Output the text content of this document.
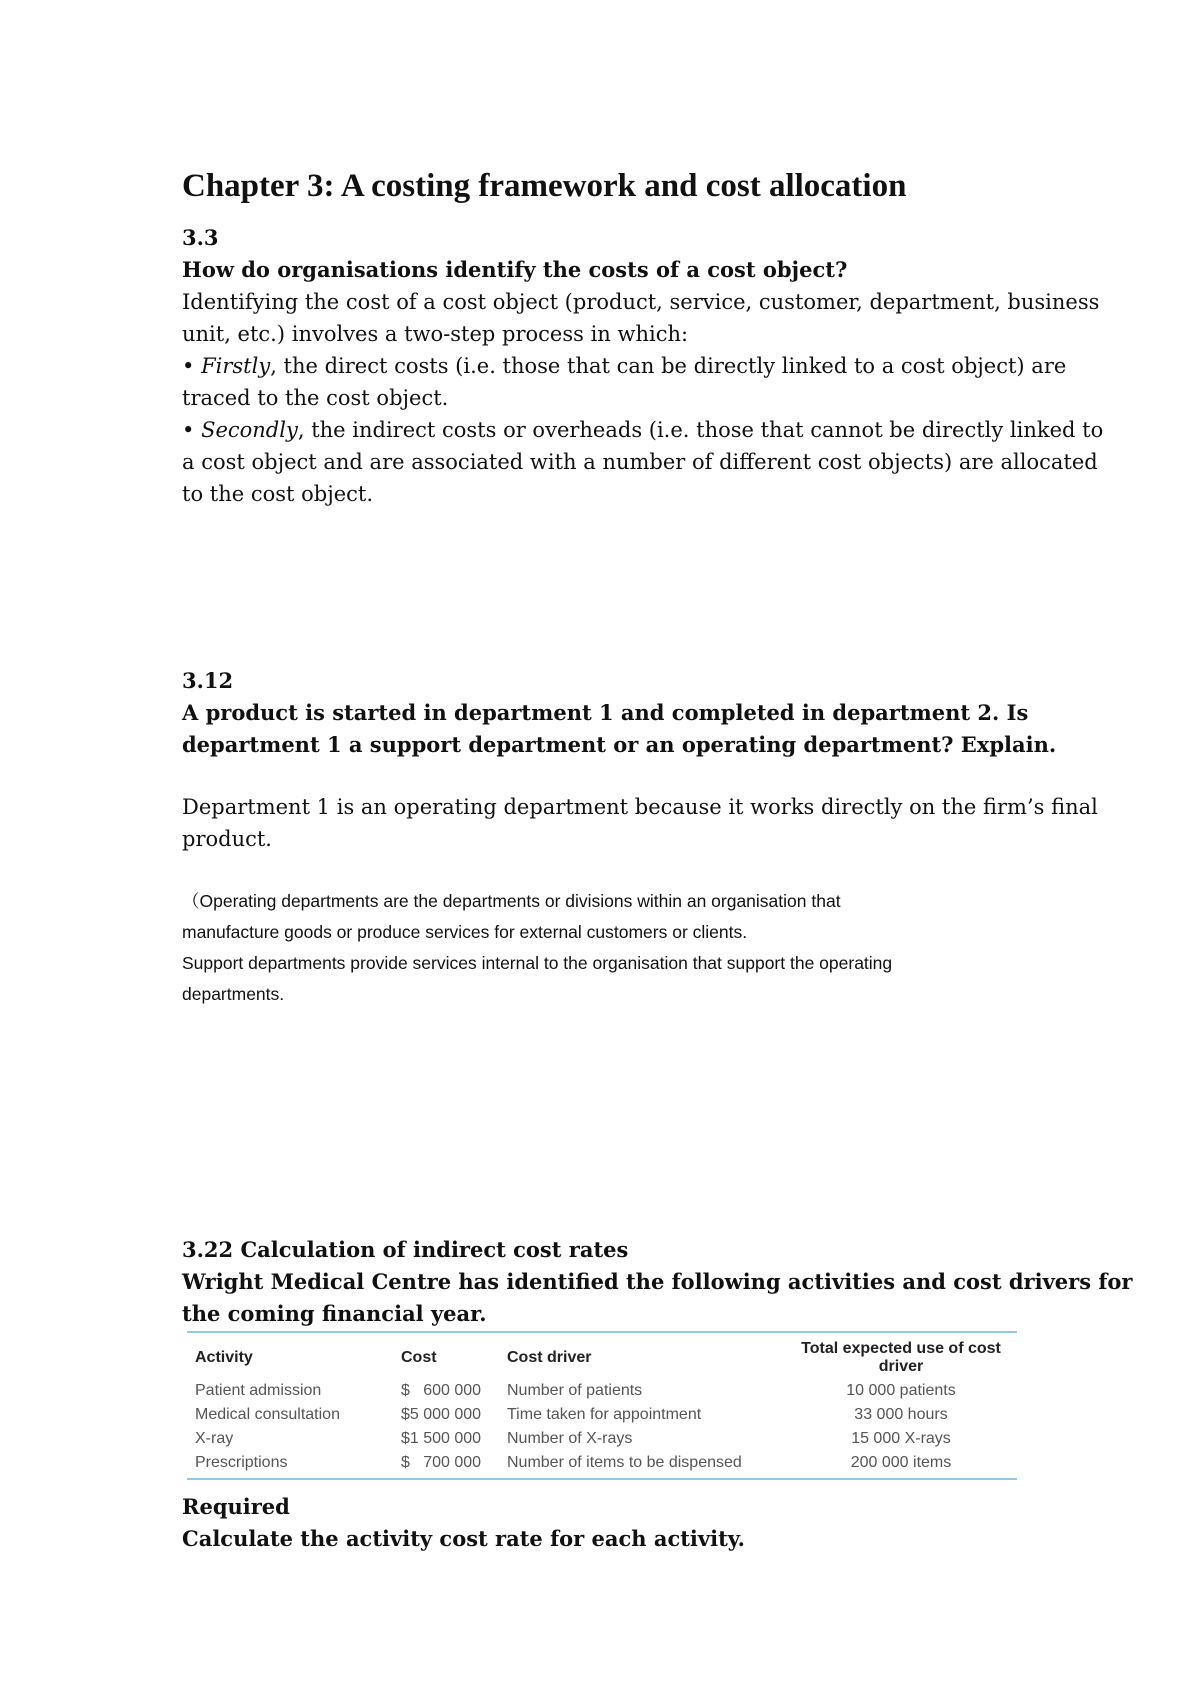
Chapter 3: A costing framework and cost allocation
3.3
How do organisations identify the costs of a cost object?
Identifying the cost of a cost object (product, service, customer, department, business
unit, etc.) involves a two-step process in which:
• Firstly, the direct costs (i.e. those that can be directly linked to a cost object) are
traced to the cost object.
• Secondly, the indirect costs or overheads (i.e. those that cannot be directly linked to
a cost object and are associated with a number of different cost objects) are allocated
to the cost object.
3.12
A product is started in department 1 and completed in department 2. Is
department 1 a support department or an operating department? Explain.
Department 1 is an operating department because it works directly on the firm’s final
product.
（Operating departments are the departments or divisions within an organisation that
manufacture goods or produce services for external customers or clients.
Support departments provide services internal to the organisation that support the operating
departments.
3.22 Calculation of indirect cost rates
Wright Medical Centre has identified the following activities and cost drivers for
the coming financial year.
Activity	Cost	Cost driver	Total expected use of cost driver
Patient admission	$   600 000	Number of patients	10 000 patients
Medical consultation	$5 000 000	Time taken for appointment	33 000 hours
X-ray	$1 500 000	Number of X-rays	15 000 X-rays
Prescriptions	$   700 000	Number of items to be dispensed	200 000 items
Required
Calculate the activity cost rate for each activity.
